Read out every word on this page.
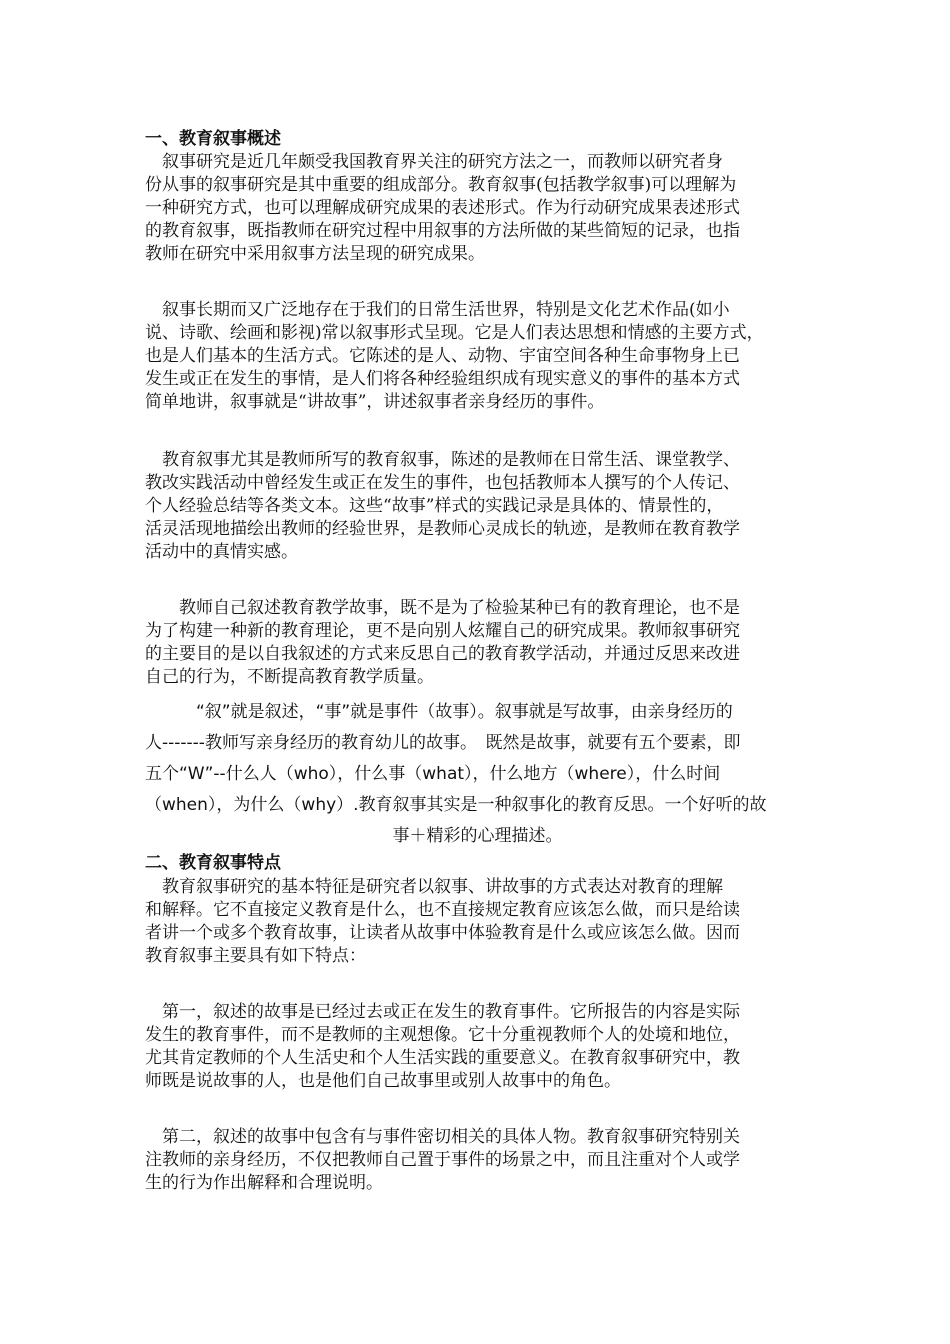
一、教育叙事概述
　叙事研究是近几年颇受我国教育界关注的研究方法之一，而教师以研究者身
份从事的叙事研究是其中重要的组成部分。教育叙事(包括教学叙事)可以理解为
一种研究方式，也可以理解成研究成果的表述形式。作为行动研究成果表述形式
的教育叙事，既指教师在研究过程中用叙事的方法所做的某些简短的记录，也指
教师在研究中采用叙事方法呈现的研究成果。
　叙事长期而又广泛地存在于我们的日常生活世界，特别是文化艺术作品(如小
说、诗歌、绘画和影视)常以叙事形式呈现。它是人们表达思想和情感的主要方式，
也是人们基本的生活方式。它陈述的是人、动物、宇宙空间各种生命事物身上已
发生或正在发生的事情，是人们将各种经验组织成有现实意义的事件的基本方式
简单地讲，叙事就是“讲故事”，讲述叙事者亲身经历的事件。
　教育叙事尤其是教师所写的教育叙事，陈述的是教师在日常生活、课堂教学、
教改实践活动中曾经发生或正在发生的事件，也包括教师本人撰写的个人传记、
个人经验总结等各类文本。这些“故事”样式的实践记录是具体的、情景性的，
活灵活现地描绘出教师的经验世界，是教师心灵成长的轨迹，是教师在教育教学
活动中的真情实感。
　　教师自己叙述教育教学故事，既不是为了检验某种已有的教育理论，也不是
为了构建一种新的教育理论，更不是向别人炫耀自己的研究成果。教师叙事研究
的主要目的是以自我叙述的方式来反思自己的教育教学活动，并通过反思来改进
自己的行为，不断提高教育教学质量。
　　　“叙”就是叙述，“事”就是事件（故事）。叙事就是写故事，由亲身经历的
人-------教师写亲身经历的教育幼儿的故事。　既然是故事，就要有五个要素，即
五个“W”--什么人（who），什么事（what），什么地方（where），什么时间
（when），为什么（why）.教育叙事其实是一种叙事化的教育反思。一个好听的故
事＋精彩的心理描述。
二、教育叙事特点
　教育叙事研究的基本特征是研究者以叙事、讲故事的方式表达对教育的理解
和解释。它不直接定义教育是什么，也不直接规定教育应该怎么做，而只是给读
者讲一个或多个教育故事，让读者从故事中体验教育是什么或应该怎么做。因而
教育叙事主要具有如下特点：
　第一，叙述的故事是已经过去或正在发生的教育事件。它所报告的内容是实际
发生的教育事件，而不是教师的主观想像。它十分重视教师个人的处境和地位，
尤其肯定教师的个人生活史和个人生活实践的重要意义。在教育叙事研究中，教
师既是说故事的人，也是他们自己故事里或别人故事中的角色。
　第二，叙述的故事中包含有与事件密切相关的具体人物。教育叙事研究特别关
注教师的亲身经历，不仅把教师自己置于事件的场景之中，而且注重对个人或学
生的行为作出解释和合理说明。
